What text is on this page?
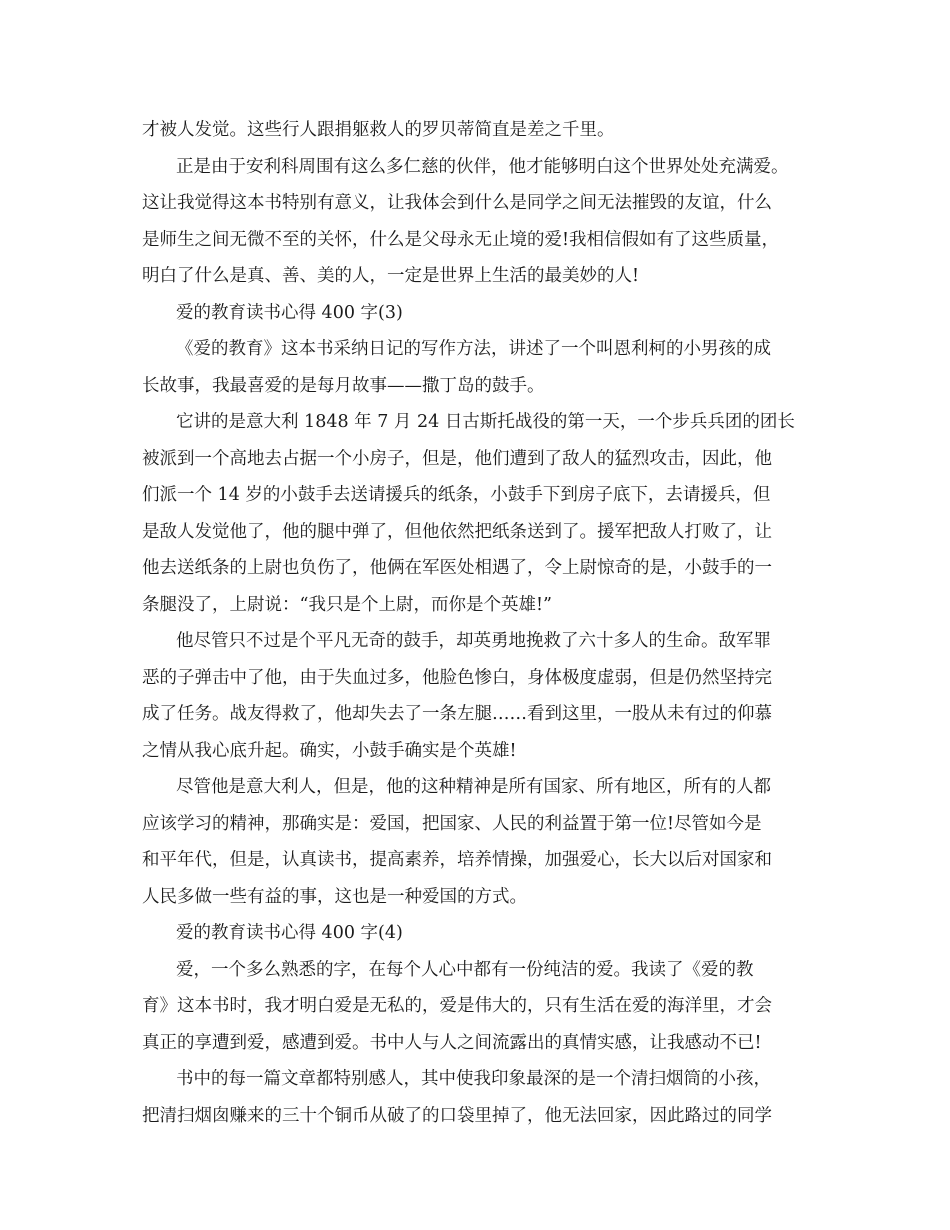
才被人发觉。这些行人跟捐躯救人的罗贝蒂简直是差之千里。
正是由于安利科周围有这么多仁慈的伙伴，他才能够明白这个世界处处充满爱。
这让我觉得这本书特别有意义，让我体会到什么是同学之间无法摧毁的友谊，什么
是师生之间无微不至的关怀，什么是父母永无止境的爱!我相信假如有了这些质量，
明白了什么是真、善、美的人，一定是世界上生活的最美妙的人!
爱的教育读书心得 400 字(3)
《爱的教育》这本书采纳日记的写作方法，讲述了一个叫恩利柯的小男孩的成
长故事，我最喜爱的是每月故事——撒丁岛的鼓手。
它讲的是意大利 1848 年 7 月 24 日古斯托战役的第一天，一个步兵兵团的团长
被派到一个高地去占据一个小房子，但是，他们遭到了敌人的猛烈攻击，因此，他
们派一个 14 岁的小鼓手去送请援兵的纸条，小鼓手下到房子底下，去请援兵，但
是敌人发觉他了，他的腿中弹了，但他依然把纸条送到了。援军把敌人打败了，让
他去送纸条的上尉也负伤了，他俩在军医处相遇了，令上尉惊奇的是，小鼓手的一
条腿没了，上尉说：“我只是个上尉，而你是个英雄!”
他尽管只不过是个平凡无奇的鼓手，却英勇地挽救了六十多人的生命。敌军罪
恶的子弹击中了他，由于失血过多，他脸色惨白，身体极度虚弱，但是仍然坚持完
成了任务。战友得救了，他却失去了一条左腿……看到这里，一股从未有过的仰慕
之情从我心底升起。确实，小鼓手确实是个英雄!
尽管他是意大利人，但是，他的这种精神是所有国家、所有地区，所有的人都
应该学习的精神，那确实是：爱国，把国家、人民的利益置于第一位!尽管如今是
和平年代，但是，认真读书，提高素养，培养情操，加强爱心，长大以后对国家和
人民多做一些有益的事，这也是一种爱国的方式。
爱的教育读书心得 400 字(4)
爱，一个多么熟悉的字，在每个人心中都有一份纯洁的爱。我读了《爱的教
育》这本书时，我才明白爱是无私的，爱是伟大的，只有生活在爱的海洋里，才会
真正的享遭到爱，感遭到爱。书中人与人之间流露出的真情实感，让我感动不已!
书中的每一篇文章都特别感人，其中使我印象最深的是一个清扫烟筒的小孩，
把清扫烟囱赚来的三十个铜币从破了的口袋里掉了，他无法回家，因此路过的同学
